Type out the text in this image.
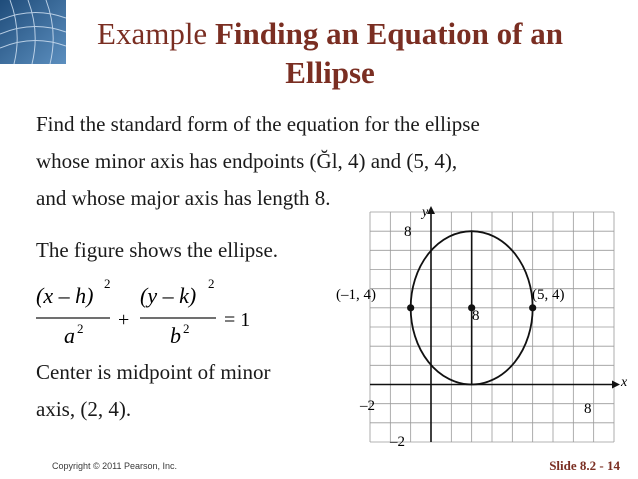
Example Finding an Equation of an
Ellipse
Find the standard form of the equation for the ellipse
whose minor axis has endpoints (Ğl, 4) and (5, 4),
and whose major axis has length 8.
The figure shows the ellipse.
(x – h) 2
a 2 +
(y – k) 2
b 2 = 1
Center is midpoint of minor
axis, (2, 4).
y
x
8
–2	8
–2
(–1, 4)	(5, 4)
8
Copyright © 2011 Pearson, Inc.	Slide 8.2 - 14
